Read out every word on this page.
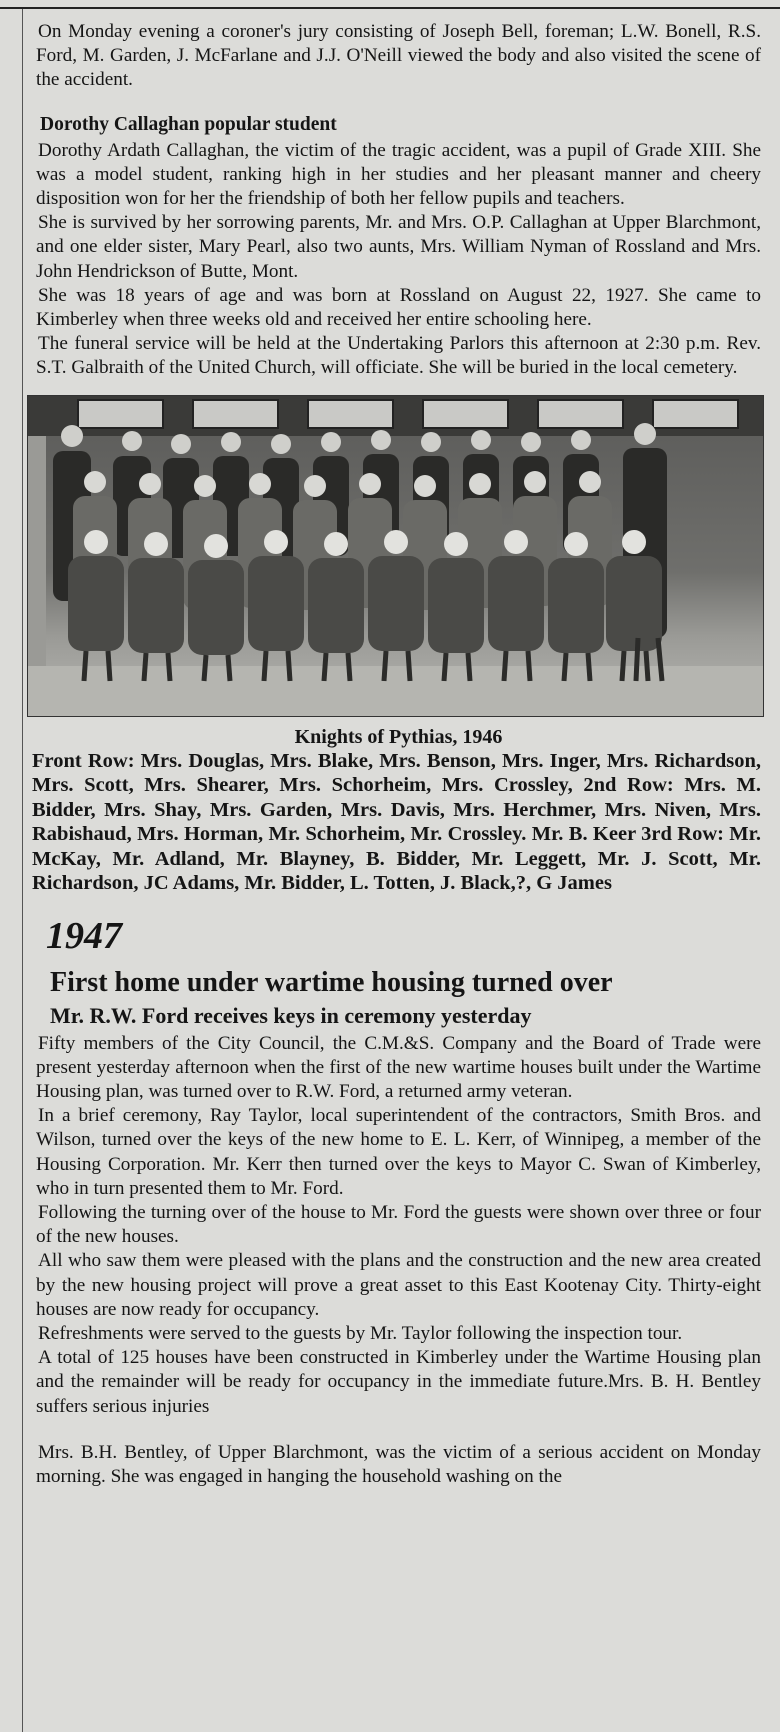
On Monday evening a coroner's jury consisting of Joseph Bell, foreman; L.W. Bonell, R.S. Ford, M. Garden, J. McFarlane and J.J. O'Neill viewed the body and also visited the scene of the accident.

Dorothy Callaghan popular student

Dorothy Ardath Callaghan, the victim of the tragic accident, was a pupil of Grade XIII. She was a model student, ranking high in her studies and her pleasant manner and cheery disposition won for her the friendship of both her fellow pupils and teachers.

She is survived by her sorrowing parents, Mr. and Mrs. O.P. Callaghan at Upper Blarchmont, and one elder sister, Mary Pearl, also two aunts, Mrs. William Nyman of Rossland and Mrs. John Hendrickson of Butte, Mont.

She was 18 years of age and was born at Rossland on August 22, 1927. She came to Kimberley when three weeks old and received her entire schooling here.

The funeral service will be held at the Undertaking Parlors this afternoon at 2:30 p.m. Rev. S.T. Galbraith of the United Church, will officiate. She will be buried in the local cemetery.

Knights of Pythias, 1946
Front Row: Mrs. Douglas, Mrs. Blake, Mrs. Benson, Mrs. Inger, Mrs. Richardson, Mrs. Scott, Mrs. Shearer, Mrs. Schorheim, Mrs. Crossley, 2nd Row: Mrs. M. Bidder, Mrs. Shay, Mrs. Garden, Mrs. Davis, Mrs. Herchmer, Mrs. Niven, Mrs. Rabishaud, Mrs. Horman, Mr. Schorheim, Mr. Crossley. Mr. B. Keer 3rd Row: Mr. McKay, Mr. Adland, Mr. Blayney, B. Bidder, Mr. Leggett, Mr. J. Scott, Mr. Richardson, JC Adams, Mr. Bidder, L. Totten, J. Black,?, G James
1947
First home under wartime housing turned over
Mr. R.W. Ford receives keys in ceremony yesterday

Fifty members of the City Council, the C.M.&S. Company and the Board of Trade were present yesterday afternoon when the first of the new wartime houses built under the Wartime Housing plan, was turned over to R.W. Ford, a returned army veteran.

In a brief ceremony, Ray Taylor, local superintendent of the contractors, Smith Bros. and Wilson, turned over the keys of the new home to E. L. Kerr, of Winnipeg, a member of the Housing Corporation. Mr. Kerr then turned over the keys to Mayor C. Swan of Kimberley, who in turn presented them to Mr. Ford.

Following the turning over of the house to Mr. Ford the guests were shown over three or four of the new houses.

All who saw them were pleased with the plans and the construction and the new area created by the new housing project will prove a great asset to this East Kootenay City. Thirty-eight houses are now ready for occupancy.

Refreshments were served to the guests by Mr. Taylor following the inspection tour.

A total of 125 houses have been constructed in Kimberley under the Wartime Housing plan and the remainder will be ready for occupancy in the immediate future.Mrs. B. H. Bentley suffers serious injuries

Mrs. B.H. Bentley, of Upper Blarchmont, was the victim of a serious accident on Monday morning. She was engaged in hanging the household washing on the
